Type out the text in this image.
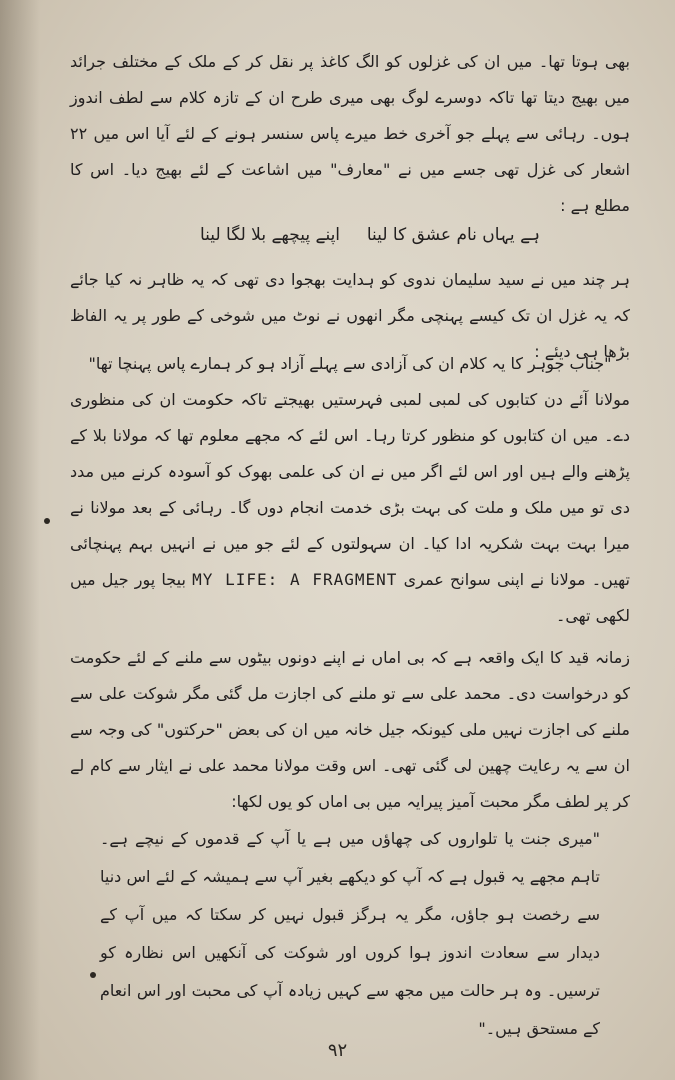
بھی ہوتا تھا۔ میں ان کی غزلوں کو الگ کاغذ پر نقل کر کے ملک کے مختلف جرائد میں بھیج دیتا تھا تاکہ دوسرے لوگ بھی میری طرح ان کے تازہ کلام سے لطف اندوز ہوں۔ رہائی سے پہلے جو آخری خط میرے پاس سنسر ہونے کے لئے آیا اس میں ۲۲ اشعار کی غزل تھی جسے میں نے "معارف" میں اشاعت کے لئے بھیج دیا۔ اس کا مطلع ہے :

ہے یہاں نام عشق کا لینا
اپنے پیچھے بلا لگا لینا

ہر چند میں نے سید سلیمان ندوی کو ہدایت بھجوا دی تھی کہ یہ ظاہر نہ کیا جائے کہ یہ غزل ان تک کیسے پہنچی مگر انھوں نے نوٹ میں شوخی کے طور پر یہ الفاظ بڑھا ہی دیئے :

"جناب جوہر کا یہ کلام ان کی آزادی سے پہلے آزاد ہو کر ہمارے پاس پہنچا تھا"

مولانا آئے دن کتابوں کی لمبی لمبی فہرستیں بھیجتے تاکہ حکومت ان کی منظوری دے۔ میں ان کتابوں کو منظور کرتا رہا۔ اس لئے کہ مجھے معلوم تھا کہ مولانا بلا کے پڑھنے والے ہیں اور اس لئے اگر میں نے ان کی علمی بھوک کو آسودہ کرنے میں مدد دی تو میں ملک و ملت کی بہت بڑی خدمت انجام دوں گا۔ رہائی کے بعد مولانا نے میرا بہت بہت شکریہ ادا کیا۔ ان سہولتوں کے لئے جو میں نے انہیں بہم پہنچائی تھیں۔ مولانا نے اپنی سوانح عمری MY LIFE: A FRAGMENT بیجا پور جیل میں لکھی تھی۔

زمانہ قید کا ایک واقعہ ہے کہ بی اماں نے اپنے دونوں بیٹوں سے ملنے کے لئے حکومت کو درخواست دی۔ محمد علی سے تو ملنے کی اجازت مل گئی مگر شوکت علی سے ملنے کی اجازت نہیں ملی کیونکہ جیل خانہ میں ان کی بعض "حرکتوں" کی وجہ سے ان سے یہ رعایت چھین لی گئی تھی۔ اس وقت مولانا محمد علی نے ایثار سے کام لے کر پر لطف مگر محبت آمیز پیرایہ میں بی اماں کو یوں لکھا:

"میری جنت یا تلواروں کی چھاؤں میں ہے یا آپ کے قدموں کے نیچے ہے۔ تاہم مجھے یہ قبول ہے کہ آپ کو دیکھے بغیر آپ سے ہمیشہ کے لئے اس دنیا سے رخصت ہو جاؤں، مگر یہ ہرگز قبول نہیں کر سکتا کہ میں آپ کے دیدار سے سعادت اندوز ہوا کروں اور شوکت کی آنکھیں اس نظارہ کو ترسیں۔ وہ ہر حالت میں مجھ سے کہیں زیادہ آپ کی محبت اور اس انعام کے مستحق ہیں۔"

۹۲
